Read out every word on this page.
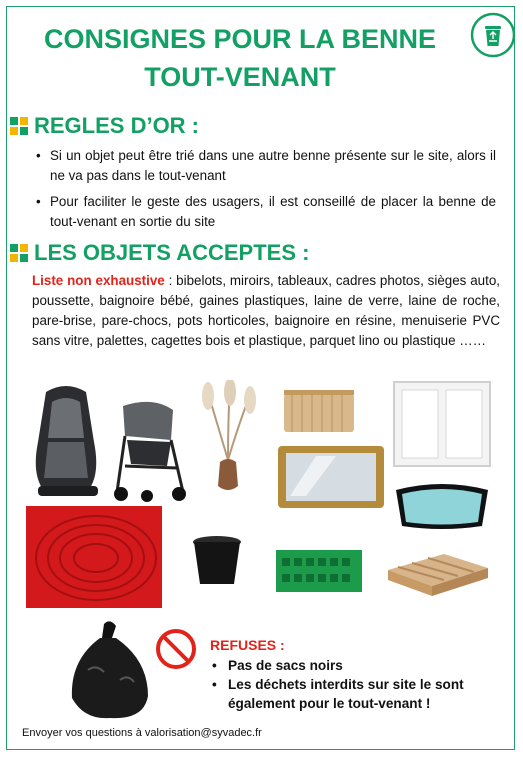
CONSIGNES POUR LA BENNE
TOUT-VENANT
REGLES D’OR :
• Si un objet peut être trié dans une autre benne présente sur le site, alors il ne va pas dans le tout-venant
• Pour faciliter le geste des usagers, il est conseillé de placer la benne de tout-venant en sortie du site
LES OBJETS ACCEPTES :
Liste non exhaustive : bibelots, miroirs, tableaux, cadres photos, sièges auto, poussette, baignoire bébé, gaines plastiques, laine de verre, laine de roche, pare-brise, pare-chocs, pots horticoles, baignoire en résine, menuiserie PVC sans vitre, palettes, cagettes bois et plastique, parquet lino ou plastique ……
REFUSES :
• Pas de sacs noirs
• Les déchets interdits sur site le sont également pour le tout-venant !
Envoyer vos questions à valorisation@syvadec.fr
